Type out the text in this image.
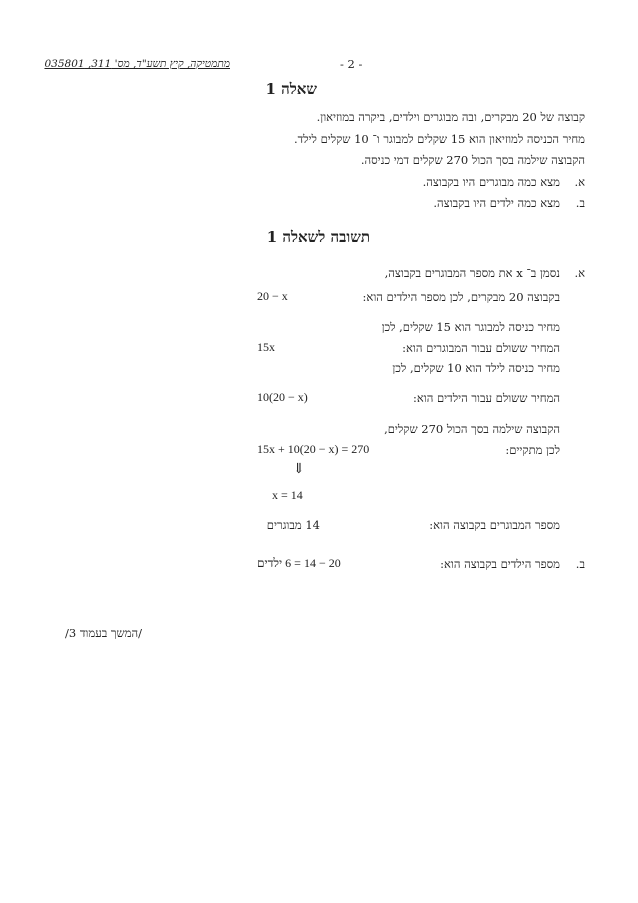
מתמטיקה, קיץ תשע"ד, מס' 311, 035801	- 2 -
שאלה 1
קבוצה של 20 מבקרים, ובה מבוגרים וילדים, ביקרה במוזיאון.
מחיר הכניסה למוזיאון הוא 15 שקלים למבוגר ו־ 10 שקלים לילד.
הקבוצה שילמה בסך הכול 270 שקלים דמי כניסה.
א.
מצא כמה מבוגרים היו בקבוצה.
ב.
מצא כמה ילדים היו בקבוצה.
תשובה לשאלה 1
א.
נסמן ב־ x את מספר המבוגרים בקבוצה,
בקבוצה 20 מבקרים, לכן מספר הילדים הוא:
20 − x
מחיר כניסה למבוגר הוא 15 שקלים, לכן
המחיר ששולם עבור המבוגרים הוא:
15x
מחיר כניסה לילד הוא 10 שקלים, לכן
המחיר ששולם עבור הילדים הוא:
10(20 − x)
הקבוצה שילמה בסך הכול 270 שקלים,
לכן מתקיים:
15x + 10(20 − x) = 270
⇓
x = 14
מספר המבוגרים בקבוצה הוא:
14 מבוגרים
ב.
מספר הילדים בקבוצה הוא:
20 − 14 = 6 ילדים
/המשך בעמוד 3/
